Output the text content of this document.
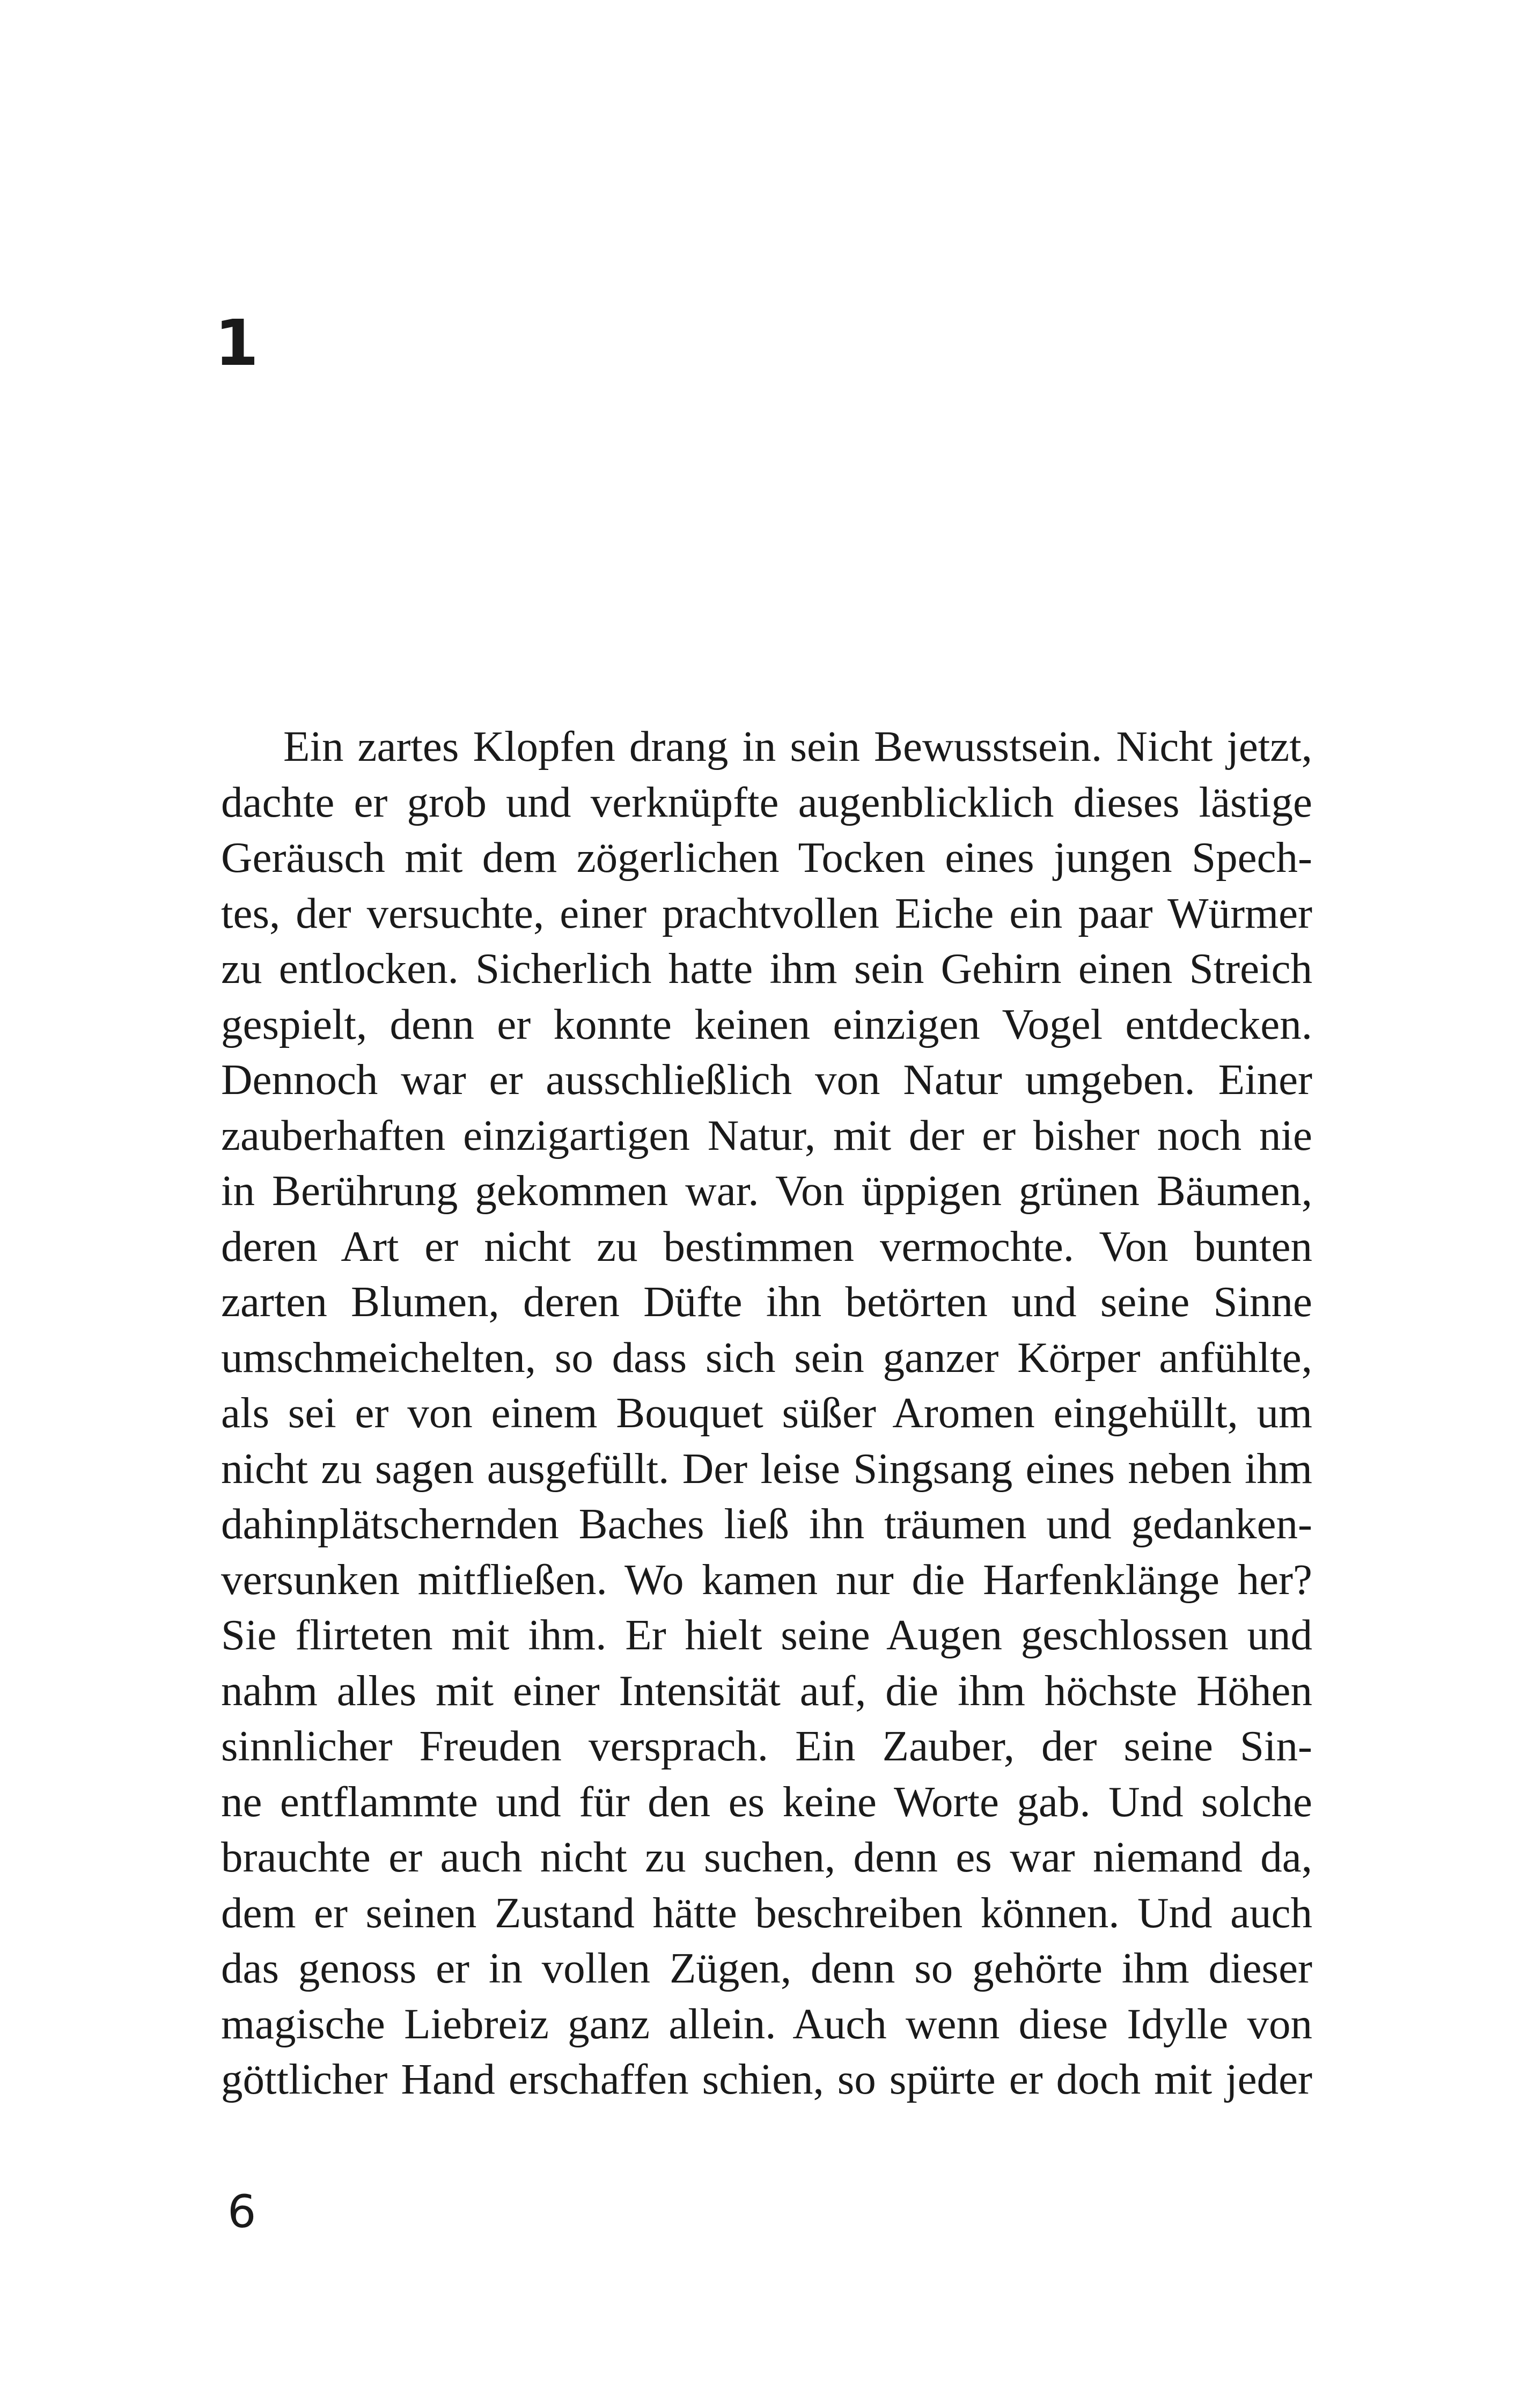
1
Ein zartes Klopfen drang in sein Bewusstsein. Nicht jetzt,
dachte er grob und verknüpfte augenblicklich dieses lästige
Geräusch mit dem zögerlichen Tocken eines jungen Spech-
tes, der versuchte, einer prachtvollen Eiche ein paar Würmer
zu entlocken. Sicherlich hatte ihm sein Gehirn einen Streich
gespielt, denn er konnte keinen einzigen Vogel entdecken.
Dennoch war er ausschließlich von Natur umgeben. Einer
zauberhaften einzigartigen Natur, mit der er bisher noch nie
in Berührung gekommen war. Von üppigen grünen Bäumen,
deren Art er nicht zu bestimmen vermochte. Von bunten
zarten Blumen, deren Düfte ihn betörten und seine Sinne
umschmeichelten, so dass sich sein ganzer Körper anfühlte,
als sei er von einem Bouquet süßer Aromen eingehüllt, um
nicht zu sagen ausgefüllt. Der leise Singsang eines neben ihm
dahinplätschernden Baches ließ ihn träumen und gedanken-
versunken mitfließen. Wo kamen nur die Harfenklänge her?
Sie flirteten mit ihm. Er hielt seine Augen geschlossen und
nahm alles mit einer Intensität auf, die ihm höchste Höhen
sinnlicher Freuden versprach. Ein Zauber, der seine Sin-
ne entflammte und für den es keine Worte gab. Und solche
brauchte er auch nicht zu suchen, denn es war niemand da,
dem er seinen Zustand hätte beschreiben können. Und auch
das genoss er in vollen Zügen, denn so gehörte ihm dieser
magische Liebreiz ganz allein. Auch wenn diese Idylle von
göttlicher Hand erschaffen schien, so spürte er doch mit jeder
6
